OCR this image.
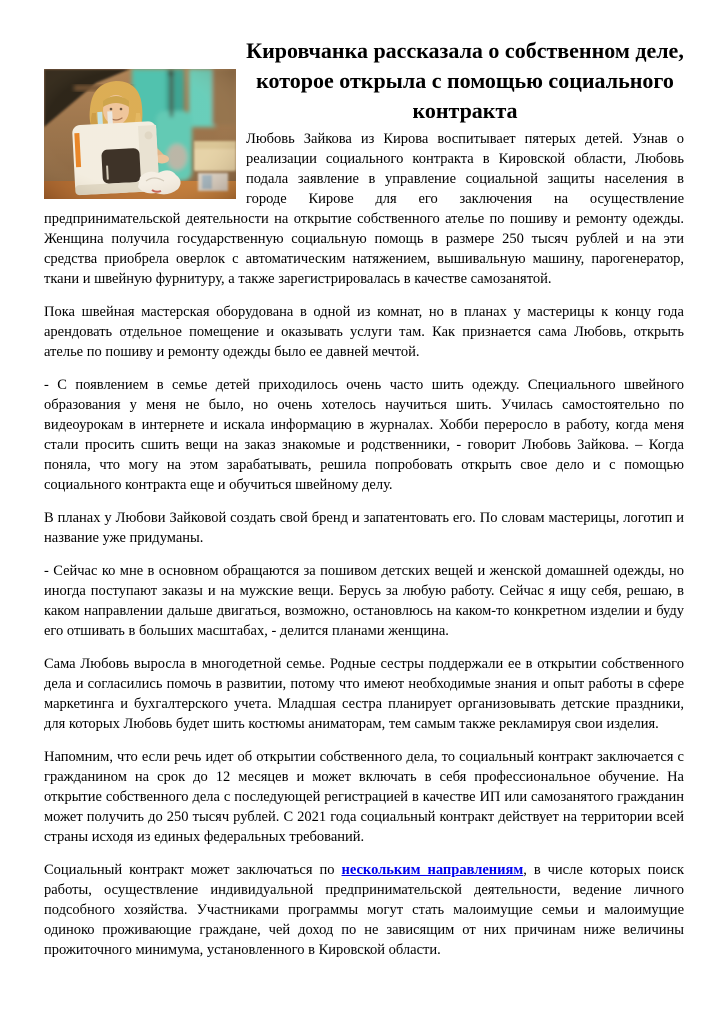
Кировчанка рассказала о собственном деле, которое открыла с помощью социального контракта

Любовь Зайкова из Кирова воспитывает пятерых детей. Узнав о реализации социального контракта в Кировской области, Любовь подала заявление в управление социальной защиты населения в городе Кирове для его заключения на осуществление предпринимательской деятельности на открытие собственного ателье по пошиву и ремонту одежды. Женщина получила государственную социальную помощь в размере 250 тысяч рублей и на эти средства приобрела оверлок с автоматическим натяжением, вышивальную машину, парогенератор, ткани и швейную фурнитуру, а также зарегистрировалась в качестве самозанятой.

Пока швейная мастерская оборудована в одной из комнат, но в планах у мастерицы к концу года арендовать отдельное помещение и оказывать услуги там. Как признается сама Любовь, открыть ателье по пошиву и ремонту одежды было ее давней мечтой.

- С появлением в семье детей приходилось очень часто шить одежду. Специального швейного образования у меня не было, но очень хотелось научиться шить. Училась самостоятельно по видеоурокам в интернете и искала информацию в журналах. Хобби переросло в работу, когда меня стали просить сшить вещи на заказ знакомые и родственники, - говорит Любовь Зайкова. – Когда поняла, что могу на этом зарабатывать, решила попробовать открыть свое дело и с помощью социального контракта еще и обучиться швейному делу.

В планах у Любови Зайковой создать свой бренд и запатентовать его. По словам мастерицы, логотип и название уже придуманы.

- Сейчас ко мне в основном обращаются за пошивом детских вещей и женской домашней одежды, но иногда поступают заказы и на мужские вещи. Берусь за любую работу. Сейчас я ищу себя, решаю, в каком направлении дальше двигаться, возможно, остановлюсь на каком-то конкретном изделии и буду его отшивать в больших масштабах, - делится планами женщина.

Сама Любовь выросла в многодетной семье. Родные сестры поддержали ее в открытии собственного дела и согласились помочь в развитии, потому что имеют необходимые знания и опыт работы в сфере маркетинга и бухгалтерского учета. Младшая сестра планирует организовывать детские праздники, для которых Любовь будет шить костюмы аниматорам, тем самым также рекламируя свои изделия.

Напомним, что если речь идет об открытии собственного дела, то социальный контракт заключается с гражданином на срок до 12 месяцев и может включать в себя профессиональное обучение. На открытие собственного дела с последующей регистрацией в качестве ИП или самозанятого гражданин может получить до 250 тысяч рублей. С 2021 года социальный контракт действует на территории всей страны исходя из единых федеральных требований.

Социальный контракт может заключаться по нескольким направлениям, в числе которых поиск работы, осуществление индивидуальной предпринимательской деятельности, ведение личного подсобного хозяйства. Участниками программы могут стать малоимущие семьи и малоимущие одиноко проживающие граждане, чей доход по не зависящим от них причинам ниже величины прожиточного минимума, установленного в Кировской области.
